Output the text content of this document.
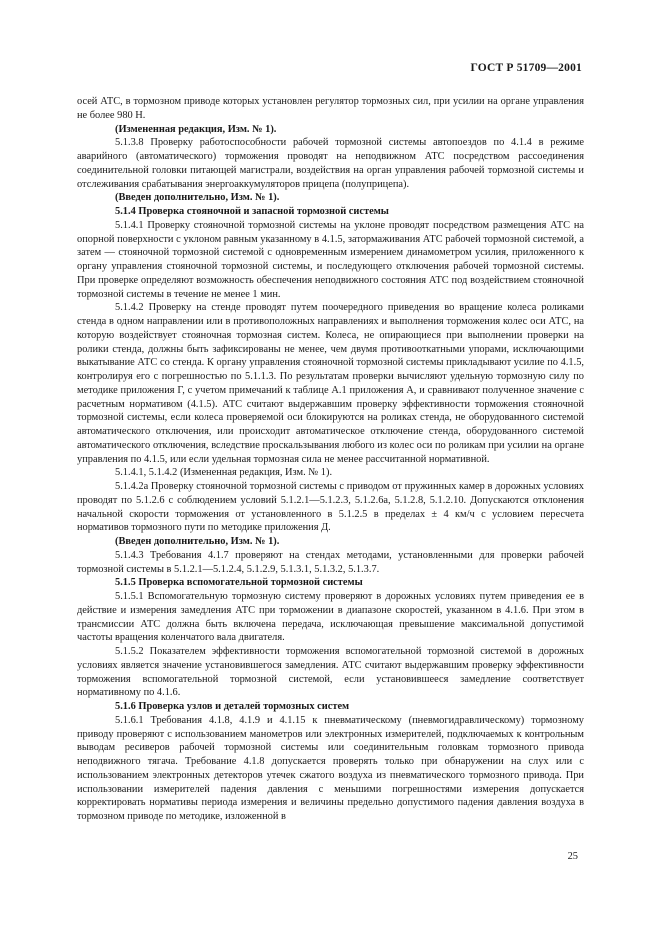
ГОСТ Р 51709—2001

осей АТС, в тормозном приводе которых установлен регулятор тормозных сил, при усилии на органе управления не более 980 Н.

(Измененная редакция, Изм. № 1).

5.1.3.8 Проверку работоспособности рабочей тормозной системы автопоездов по 4.1.4 в режиме аварийного (автоматического) торможения проводят на неподвижном АТС посредством рассоединения соединительной головки питающей магистрали, воздействия на орган управления рабочей тормозной системы и отслеживания срабатывания энергоаккумуляторов прицепа (полуприцепа).

(Введен дополнительно, Изм. № 1).

5.1.4 Проверка стояночной и запасной тормозной системы

5.1.4.1 Проверку стояночной тормозной системы на уклоне проводят посредством размещения АТС на опорной поверхности с уклоном равным указанному в 4.1.5, затормаживания АТС рабочей тормозной системой, а затем — стояночной тормозной системой с одновременным измерением динамометром усилия, приложенного к органу управления стояночной тормозной системы, и последующего отключения рабочей тормозной системы. При проверке определяют возможность обеспечения неподвижного состояния АТС под воздействием стояночной тормозной системы в течение не менее 1 мин.

5.1.4.2 Проверку на стенде проводят путем поочередного приведения во вращение колеса роликами стенда в одном направлении или в противоположных направлениях и выполнения торможения колес оси АТС, на которую воздействует стояночная тормозная систем. Колеса, не опирающиеся при выполнении проверки на ролики стенда, должны быть зафиксированы не менее, чем двумя противооткатными упорами, исключающими выкатывание АТС со стенда. К органу управления стояночной тормозной системы прикладывают усилие по 4.1.5, контролируя его с погрешностью по 5.1.1.3. По результатам проверки вычисляют удельную тормозную силу по методике приложения Г, с учетом примечаний к таблице А.1 приложения А, и сравнивают полученное значение с расчетным нормативом (4.1.5). АТС считают выдержавшим проверку эффективности торможения стояночной тормозной системы, если колеса проверяемой оси блокируются на роликах стенда, не оборудованного системой автоматического отключения, или происходит автоматическое отключение стенда, оборудованного системой автоматического отключения, вследствие проскальзывания любого из колес оси по роликам при усилии на органе управления по 4.1.5, или если удельная тормозная сила не менее рассчитанной нормативной.

5.1.4.1, 5.1.4.2 (Измененная редакция, Изм. № 1).

5.1.4.2а Проверку стояночной тормозной системы с приводом от пружинных камер в дорожных условиях проводят по 5.1.2.6 с соблюдением условий 5.1.2.1—5.1.2.3, 5.1.2.6а, 5.1.2.8, 5.1.2.10. Допускаются отклонения начальной скорости торможения от установленного в 5.1.2.5 в пределах ± 4 км/ч с условием пересчета нормативов тормозного пути по методике приложения Д.

(Введен дополнительно, Изм. № 1).

5.1.4.3 Требования 4.1.7 проверяют на стендах методами, установленными для проверки рабочей тормозной системы в 5.1.2.1—5.1.2.4, 5.1.2.9, 5.1.3.1, 5.1.3.2, 5.1.3.7.

5.1.5 Проверка вспомогательной тормозной системы

5.1.5.1 Вспомогательную тормозную систему проверяют в дорожных условиях путем приведения ее в действие и измерения замедления АТС при торможении в диапазоне скоростей, указанном в 4.1.6. При этом в трансмиссии АТС должна быть включена передача, исключающая превышение максимальной допустимой частоты вращения коленчатого вала двигателя.

5.1.5.2 Показателем эффективности торможения вспомогательной тормозной системой в дорожных условиях является значение установившегося замедления. АТС считают выдержавшим проверку эффективности торможения вспомогательной тормозной системой, если установившееся замедление соответствует нормативному по 4.1.6.

5.1.6 Проверка узлов и деталей тормозных систем

5.1.6.1 Требования 4.1.8, 4.1.9 и 4.1.15 к пневматическому (пневмогидравлическому) тормозному приводу проверяют с использованием манометров или электронных измерителей, подключаемых к контрольным выводам ресиверов рабочей тормозной системы или соединительным головкам тормозного привода неподвижного тягача. Требование 4.1.8 допускается проверять только при обнаружении на слух или с использованием электронных детекторов утечек сжатого воздуха из пневматического тормозного привода. При использовании измерителей падения давления с меньшими погрешностями измерения допускается корректировать нормативы периода измерения и величины предельно допустимого падения давления воздуха в тормозном приводе по методике, изложенной в

25
